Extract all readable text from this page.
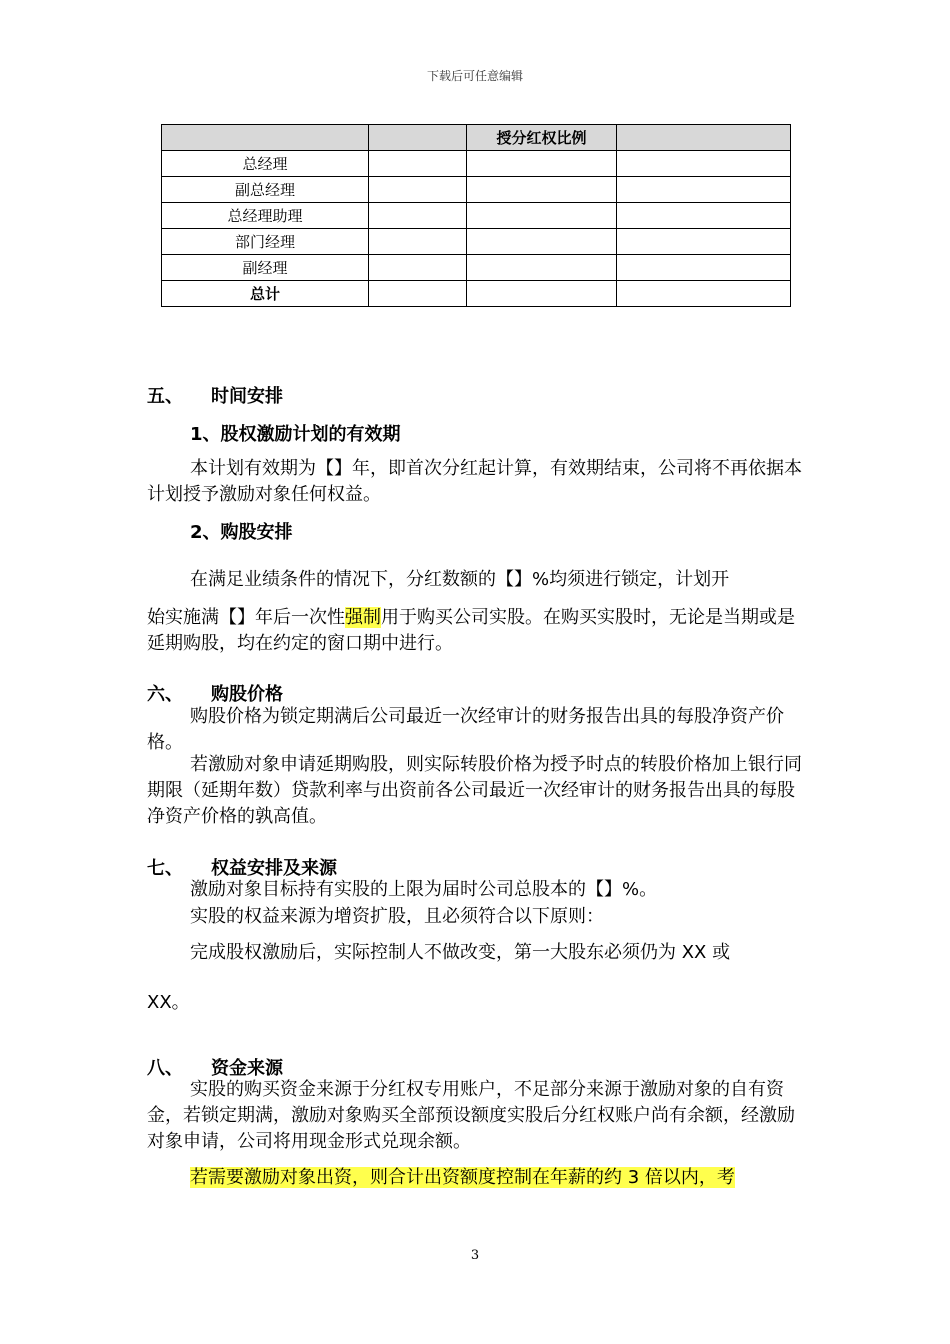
下载后可任意编辑
		授分红权比例	
总经理			
副总经理			
总经理助理			
部门经理			
副经理			
总计			
五、 时间安排
1、股权激励计划的有效期

本计划有效期为【】年，即首次分红起计算，有效期结束，公司将不再依据本计划授予激励对象任何权益。

2、购股安排

在满足业绩条件的情况下，分红数额的【】%均须进行锁定，计划开

始实施满【】年后一次性强制用于购买公司实股。在购买实股时，无论是当期或是延期购股，均在约定的窗口期中进行。

六、 购股价格

购股价格为锁定期满后公司最近一次经审计的财务报告出具的每股净资产价格。

若激励对象申请延期购股，则实际转股价格为授予时点的转股价格加上银行同期限（延期年数）贷款利率与出资前各公司最近一次经审计的财务报告出具的每股净资产价格的孰高值。

七、 权益安排及来源

激励对象目标持有实股的上限为届时公司总股本的【】%。

实股的权益来源为增资扩股，且必须符合以下原则：

完成股权激励后，实际控制人不做改变，第一大股东必须仍为 XX 或

XX。

八、 资金来源

实股的购买资金来源于分红权专用账户，不足部分来源于激励对象的自有资金，若锁定期满，激励对象购买全部预设额度实股后分红权账户尚有余额，经激励对象申请，公司将用现金形式兑现余额。

若需要激励对象出资，则合计出资额度控制在年薪的约 3 倍以内，考

3
